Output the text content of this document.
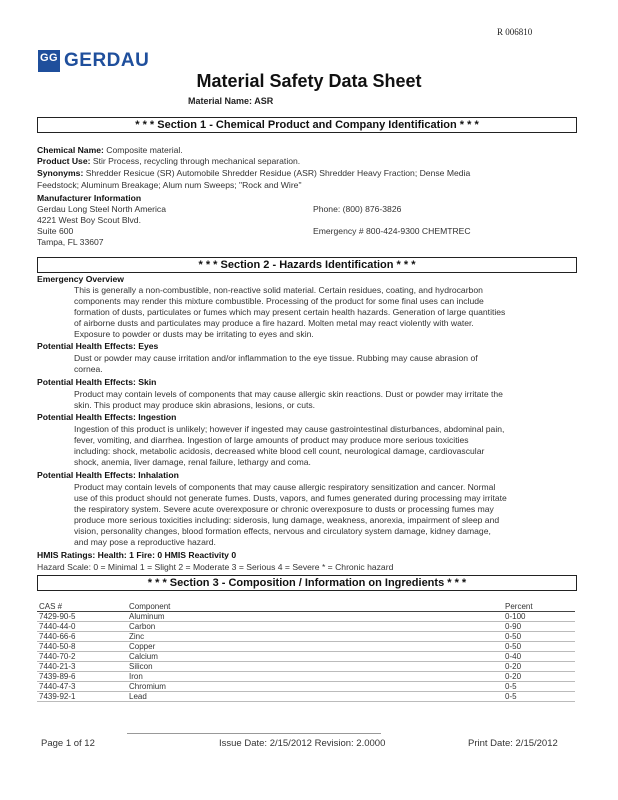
R 006810
G G GERDAU
Material Safety Data Sheet
Material Name: ASR
* * * Section 1 - Chemical Product and Company Identification * * *
Chemical Name: Composite material.
Product Use: Stir Process, recycling through mechanical separation.
Synonyms: Shredder Resicue (SR) Automobile Shredder Residue (ASR) Shredder Heavy Fraction; Dense Media
Feedstock; Aluminum Breakage; Alum num Sweeps; "Rock and Wire"
Manufacturer Information
Gerdau Long Steel North America
4221 West Boy Scout Blvd.
Suite 600
Tampa, FL 33607
Phone: (800) 876-3826
Emergency # 800-424-9300 CHEMTREC
* * * Section 2 - Hazards Identification * * *
Emergency Overview
This is generally a non-combustible, non-reactive solid material. Certain residues, coating, and hydrocarbon
components may render this mixture combustible. Processing of the product for some final uses can include
formation of dusts, particulates or fumes which may present certain health hazards. Generation of large quantities
of airborne dusts and particulates may produce a fire hazard. Molten metal may react violently with water.
Exposure to powder or dusts may be irritating to eyes and skin.
Potential Health Effects: Eyes
Dust or powder may cause irritation and/or inflammation to the eye tissue. Rubbing may cause abrasion of
cornea.
Potential Health Effects: Skin
Product may contain levels of components that may cause allergic skin reactions. Dust or powder may irritate the
skin. This product may produce skin abrasions, lesions, or cuts.
Potential Health Effects: Ingestion
Ingestion of this product is unlikely; however if ingested may cause gastrointestinal disturbances, abdominal pain,
fever, vomiting, and diarrhea. Ingestion of large amounts of product may produce more serious toxicities
including: shock, metabolic acidosis, decreased white blood cell count, neurological damage, cardiovascular
shock, anemia, liver damage, renal failure, lethargy and coma.
Potential Health Effects: Inhalation
Product may contain levels of components that may cause allergic respiratory sensitization and cancer. Normal
use of this product should not generate fumes. Dusts, vapors, and fumes generated during processing may irritate
the respiratory system. Severe acute overexposure or chronic overexposure to dusts or processing fumes may
produce more serious toxicities including: siderosis, lung damage, weakness, anorexia, impairment of sleep and
vision, personality changes, blood formation effects, nervous and circulatory system damage, kidney damage,
and may pose a reproductive hazard.
HMIS Ratings: Health: 1 Fire: 0 HMIS Reactivity 0
Hazard Scale: 0 = Minimal 1 = Slight 2 = Moderate 3 = Serious 4 = Severe * = Chronic hazard
* * * Section 3 - Composition / Information on Ingredients * * *
CAS #	Component	Percent
7429-90-5	Aluminum	0-100
7440-44-0	Carbon	0-90
7440-66-6	Zinc	0-50
7440-50-8	Copper	0-50
7440-70-2	Calcium	0-40
7440-21-3	Silicon	0-20
7439-89-6	Iron	0-20
7440-47-3	Chromium	0-5
7439-92-1	Lead	0-5
Page 1 of 12	Issue Date: 2/15/2012 Revision: 2.0000	Print Date: 2/15/2012
